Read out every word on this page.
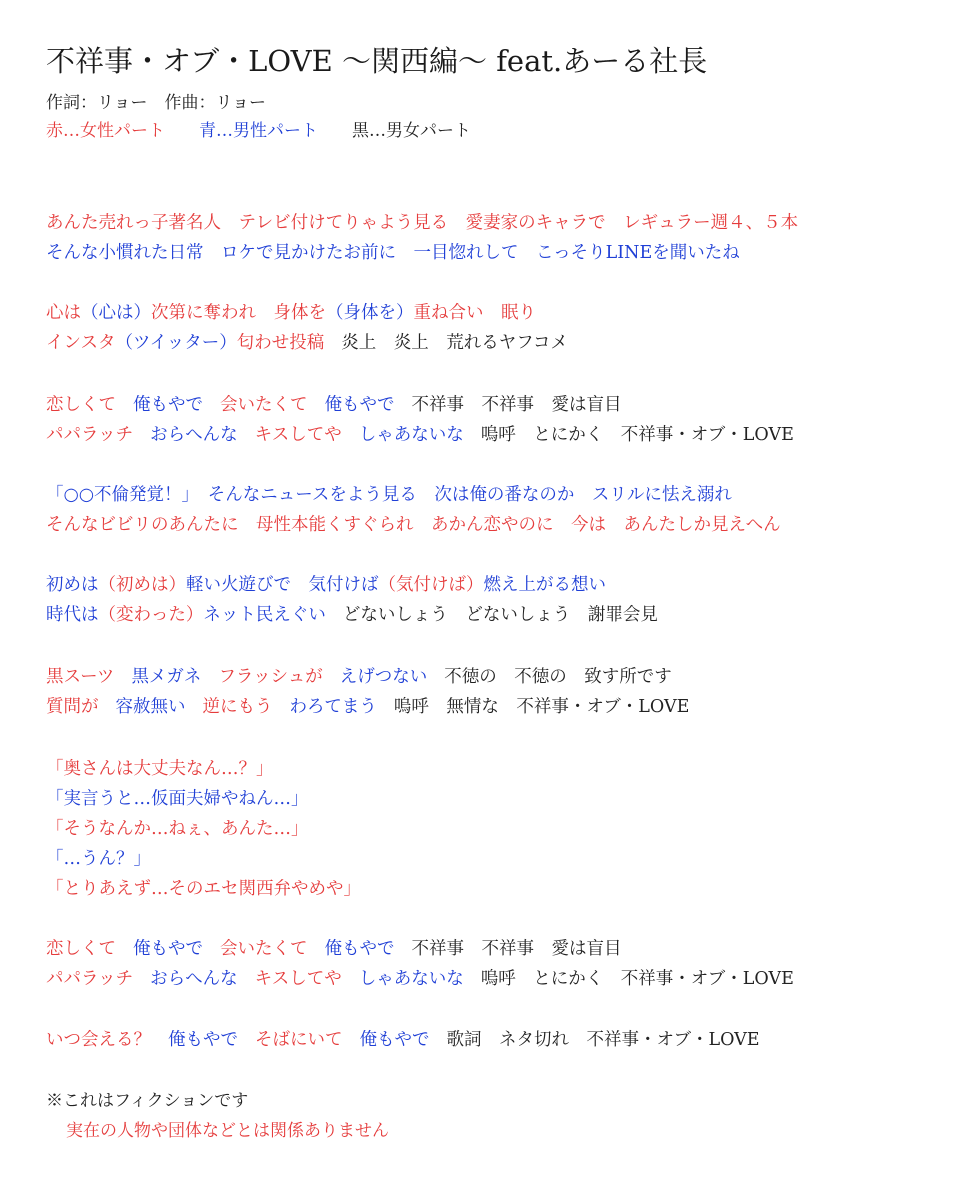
不祥事・オブ・LOVE 〜関西編〜 feat.あーる社長
作詞：リョー　作曲：リョー
赤…女性パート 青…男性パート 黒…男女パート
あんた売れっ子著名人　テレビ付けてりゃよう見る　愛妻家のキャラで　レギュラー週４、５本
そんな小慣れた日常　ロケで見かけたお前に　一目惚れして　こっそりLINEを聞いたね
心は（心は）次第に奪われ　身体を（身体を）重ね合い　眠り
インスタ（ツイッター）匂わせ投稿 炎上　炎上　荒れるヤフコメ
恋しくて 俺もやで 会いたくて 俺もやで 不祥事　不祥事　愛は盲目
パパラッチ おらへんな キスしてや しゃあないな 嗚呼　とにかく　不祥事・オブ・LOVE
「○○不倫発覚！」　そんなニュースをよう見る　次は俺の番なのか　スリルに怯え溺れ
そんなビビリのあんたに　母性本能くすぐられ　あかん恋やのに　今は　あんたしか見えへん
初めは（初めは）軽い火遊びで　気付けば（気付けば）燃え上がる想い
時代は（変わった）ネット民えぐい どないしょう　どないしょう　謝罪会見
黒スーツ 黒メガネ フラッシュが えげつない 不徳の　不徳の　致す所です
質問が 容赦無い 逆にもう わろてまう 嗚呼　無情な　不祥事・オブ・LOVE
「奥さんは大丈夫なん…？」
「実言うと…仮面夫婦やねん…」
「そうなんか…ねぇ、あんた…」
「…うん？」
「とりあえず…そのエセ関西弁やめや」
恋しくて 俺もやで 会いたくて 俺もやで 不祥事　不祥事　愛は盲目
パパラッチ おらへんな キスしてや しゃあないな 嗚呼　とにかく　不祥事・オブ・LOVE
いつ会える？ 俺もやで そばにいて 俺もやで 歌詞　ネタ切れ　不祥事・オブ・LOVE
※これはフィクションです
実在の人物や団体などとは関係ありません
